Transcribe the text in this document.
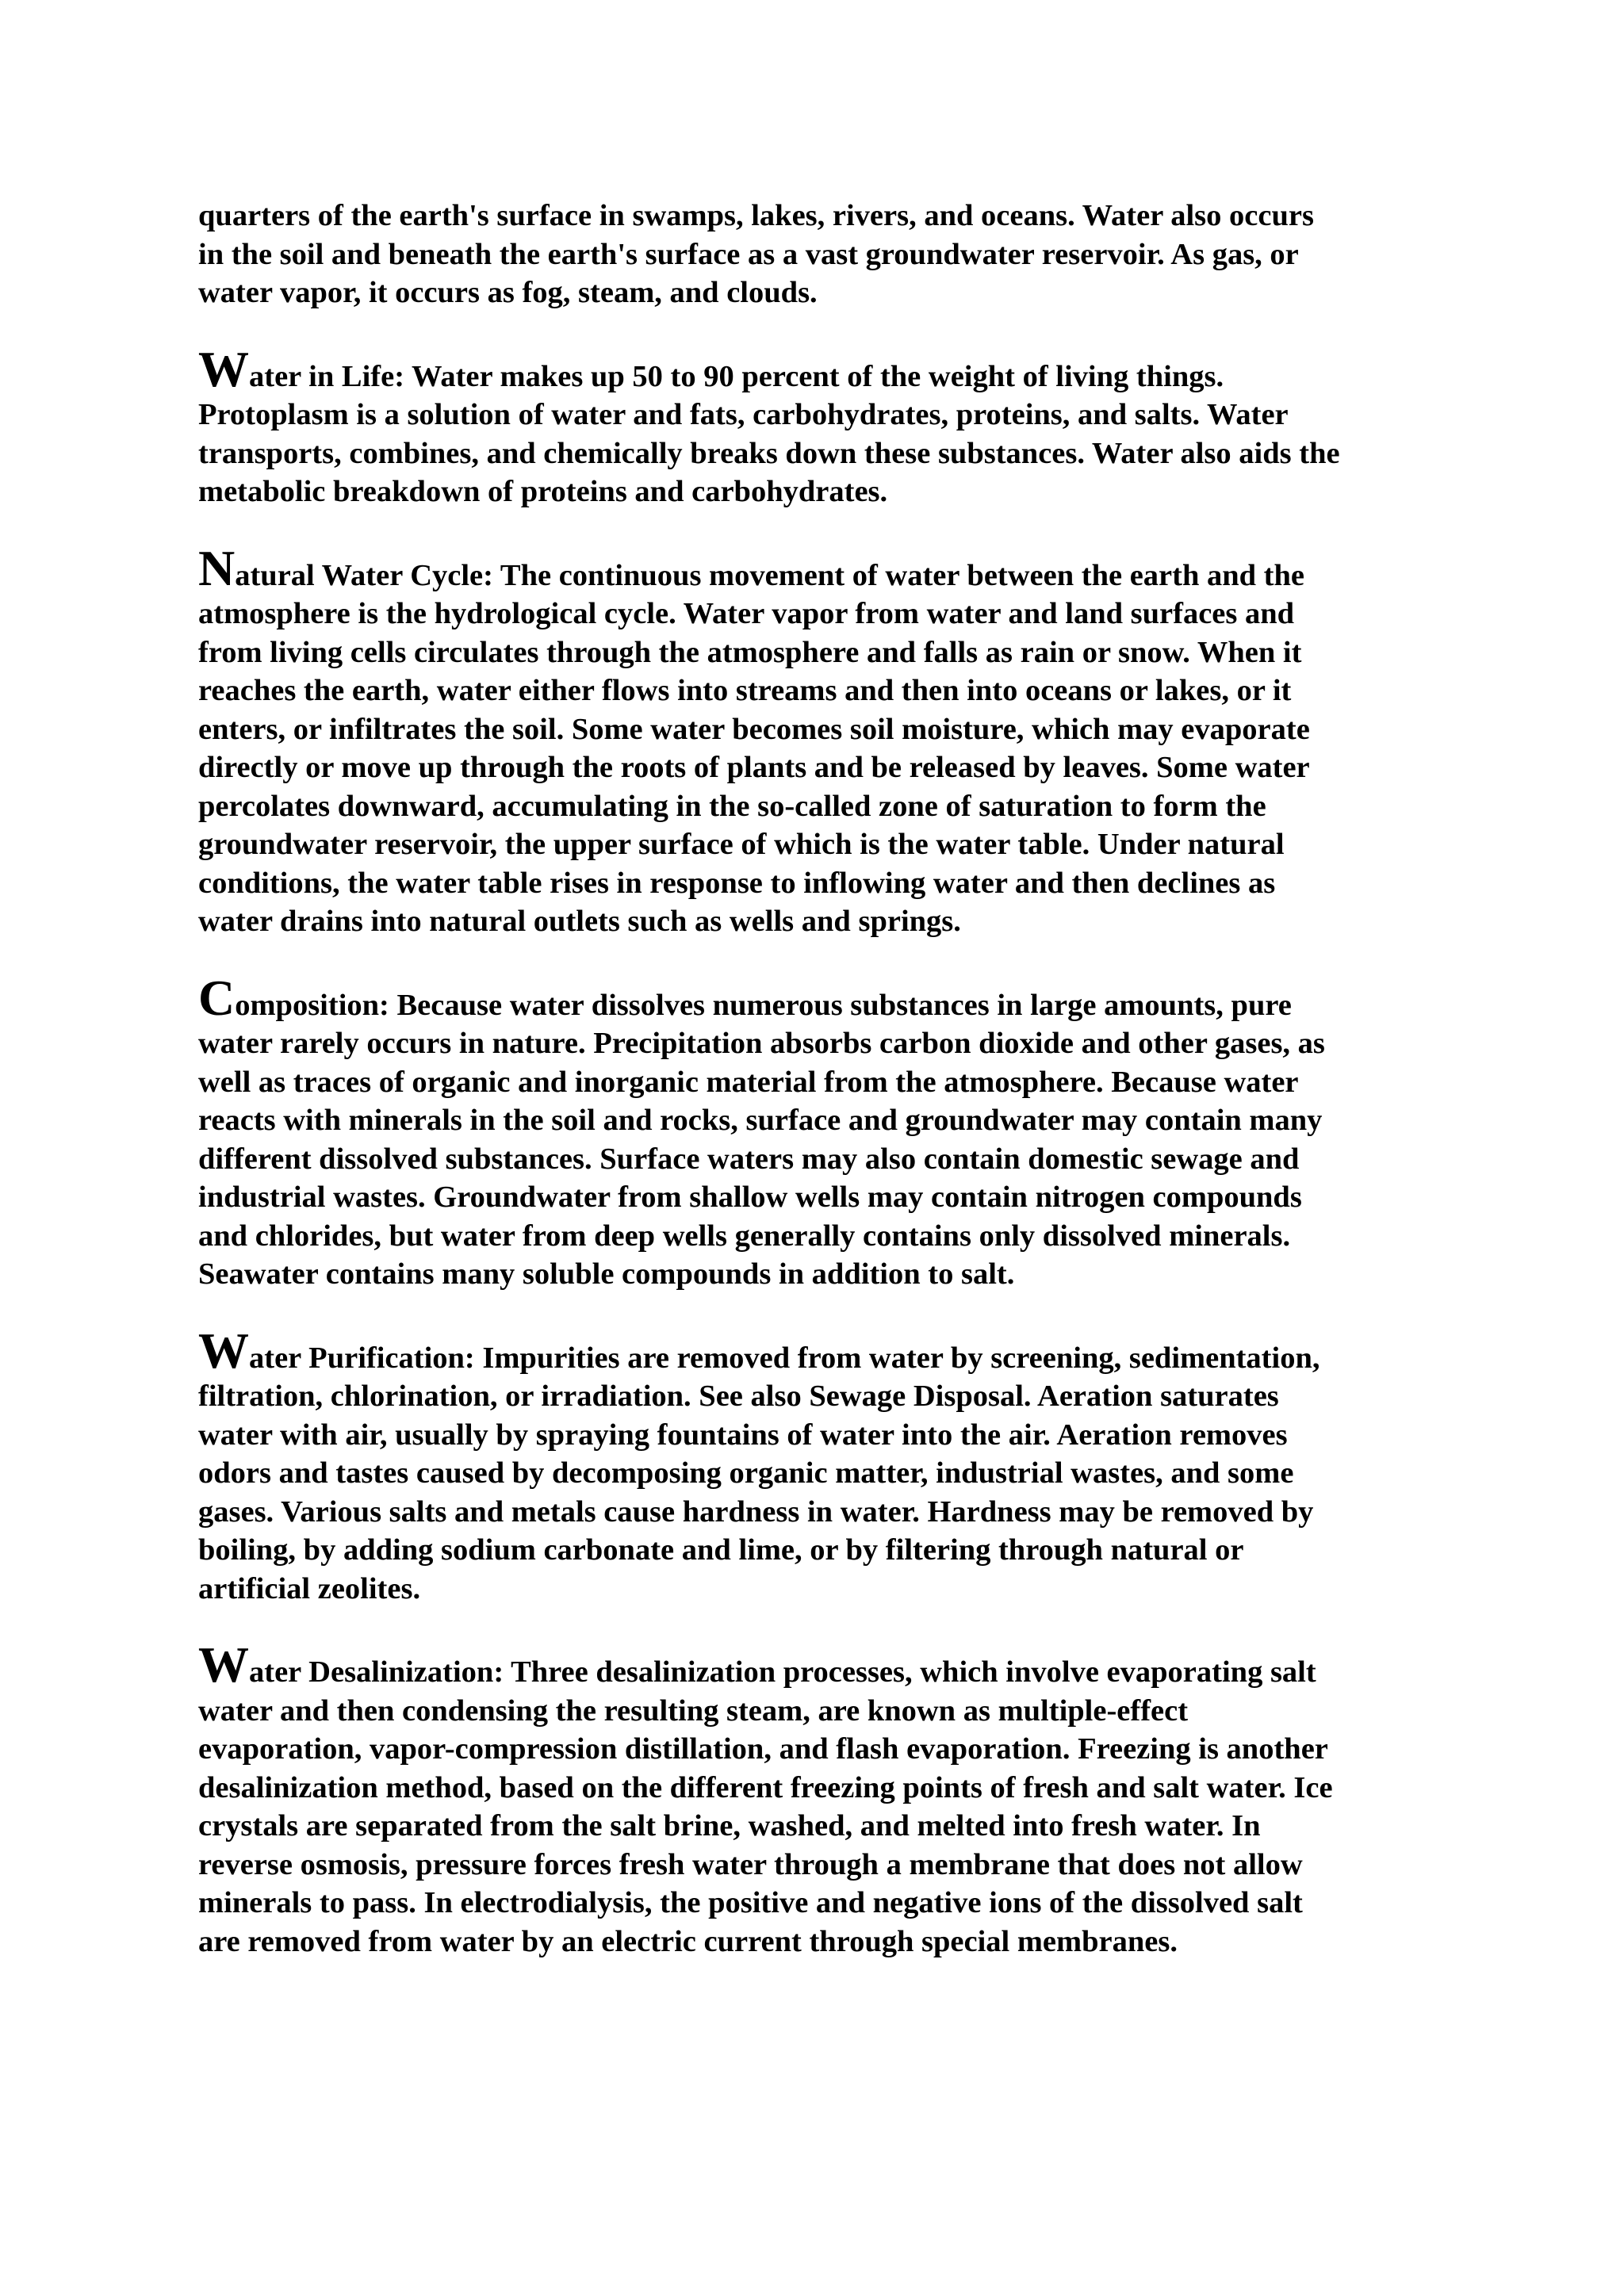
quarters of the earth's surface in swamps, lakes, rivers, and oceans. Water also occurs
in the soil and beneath the earth's surface as a vast groundwater reservoir. As gas, or
water vapor, it occurs as fog, steam, and clouds.

Water in Life: Water makes up 50 to 90 percent of the weight of living things.
Protoplasm is a solution of water and fats, carbohydrates, proteins, and salts. Water
transports, combines, and chemically breaks down these substances. Water also aids the
metabolic breakdown of proteins and carbohydrates.

Natural Water Cycle: The continuous movement of water between the earth and the
atmosphere is the hydrological cycle. Water vapor from water and land surfaces and
from living cells circulates through the atmosphere and falls as rain or snow. When it
reaches the earth, water either flows into streams and then into oceans or lakes, or it
enters, or infiltrates the soil. Some water becomes soil moisture, which may evaporate
directly or move up through the roots of plants and be released by leaves. Some water
percolates downward, accumulating in the so-called zone of saturation to form the
groundwater reservoir, the upper surface of which is the water table. Under natural
conditions, the water table rises in response to inflowing water and then declines as
water drains into natural outlets such as wells and springs.

Composition: Because water dissolves numerous substances in large amounts, pure
water rarely occurs in nature. Precipitation absorbs carbon dioxide and other gases, as
well as traces of organic and inorganic material from the atmosphere. Because water
reacts with minerals in the soil and rocks, surface and groundwater may contain many
different dissolved substances. Surface waters may also contain domestic sewage and
industrial wastes. Groundwater from shallow wells may contain nitrogen compounds
and chlorides, but water from deep wells generally contains only dissolved minerals.
Seawater contains many soluble compounds in addition to salt.

Water Purification: Impurities are removed from water by screening, sedimentation,
filtration, chlorination, or irradiation. See also Sewage Disposal. Aeration saturates
water with air, usually by spraying fountains of water into the air. Aeration removes
odors and tastes caused by decomposing organic matter, industrial wastes, and some
gases. Various salts and metals cause hardness in water. Hardness may be removed by
boiling, by adding sodium carbonate and lime, or by filtering through natural or
artificial zeolites.

Water Desalinization: Three desalinization processes, which involve evaporating salt
water and then condensing the resulting steam, are known as multiple-effect
evaporation, vapor-compression distillation, and flash evaporation. Freezing is another
desalinization method, based on the different freezing points of fresh and salt water. Ice
crystals are separated from the salt brine, washed, and melted into fresh water. In
reverse osmosis, pressure forces fresh water through a membrane that does not allow
minerals to pass. In electrodialysis, the positive and negative ions of the dissolved salt
are removed from water by an electric current through special membranes.
